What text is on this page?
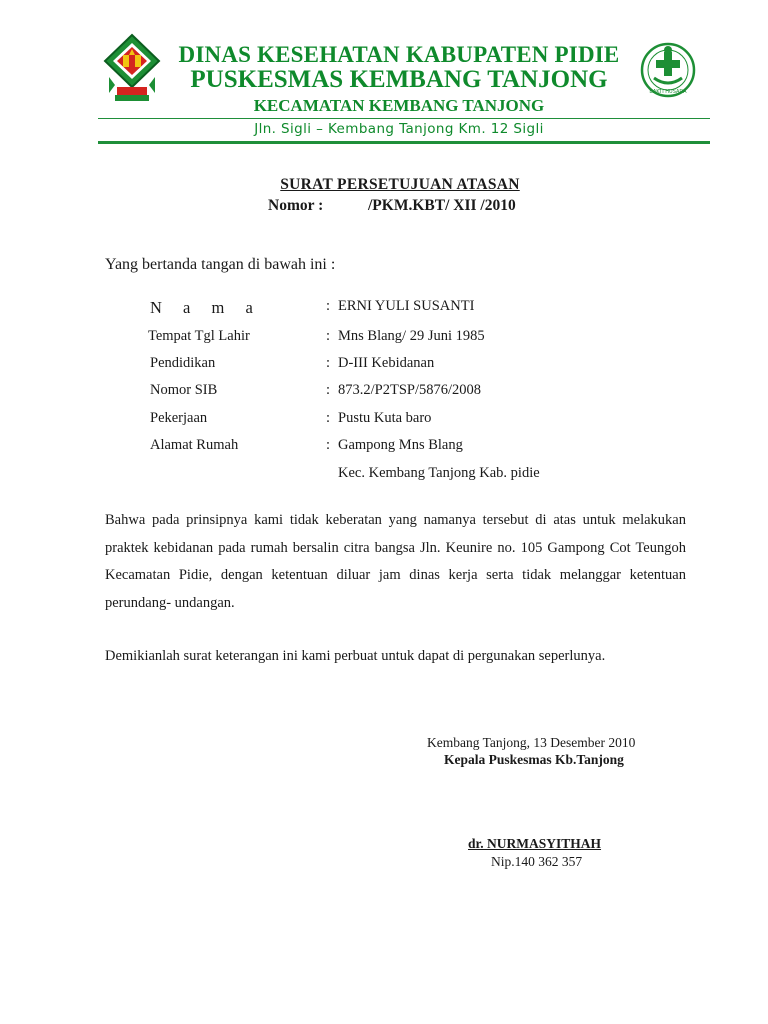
DINAS KESEHATAN KABUPATEN PIDIE
PUSKESMAS KEMBANG TANJONG
KECAMATAN KEMBANG TANJONG
BAKTI HUSADA
Jln. Sigli – Kembang Tanjong Km. 12 Sigli
SURAT PERSETUJUAN ATASAN
Nomor :	/PKM.KBT/ XII /2010
Yang bertanda tangan di bawah ini :
N a m a	: ERNI YULI SUSANTI
Tempat Tgl Lahir	: Mns Blang/ 29 Juni 1985
Pendidikan	: D-III Kebidanan
Nomor SIB	: 873.2/P2TSP/5876/2008
Pekerjaan	: Pustu Kuta baro
Alamat Rumah	: Gampong Mns Blang
Kec. Kembang Tanjong Kab. pidie
Bahwa pada prinsipnya kami tidak keberatan yang namanya tersebut di atas untuk melakukan praktek kebidanan pada rumah bersalin citra bangsa Jln. Keunire no. 105 Gampong Cot Teungoh Kecamatan Pidie, dengan ketentuan diluar jam dinas kerja serta tidak melanggar ketentuan perundang- undangan.
Demikianlah surat keterangan ini kami perbuat untuk dapat di pergunakan seperlunya.
Kembang Tanjong, 13 Desember 2010
Kepala Puskesmas Kb.Tanjong
dr. NURMASYITHAH
Nip.140 362 357
